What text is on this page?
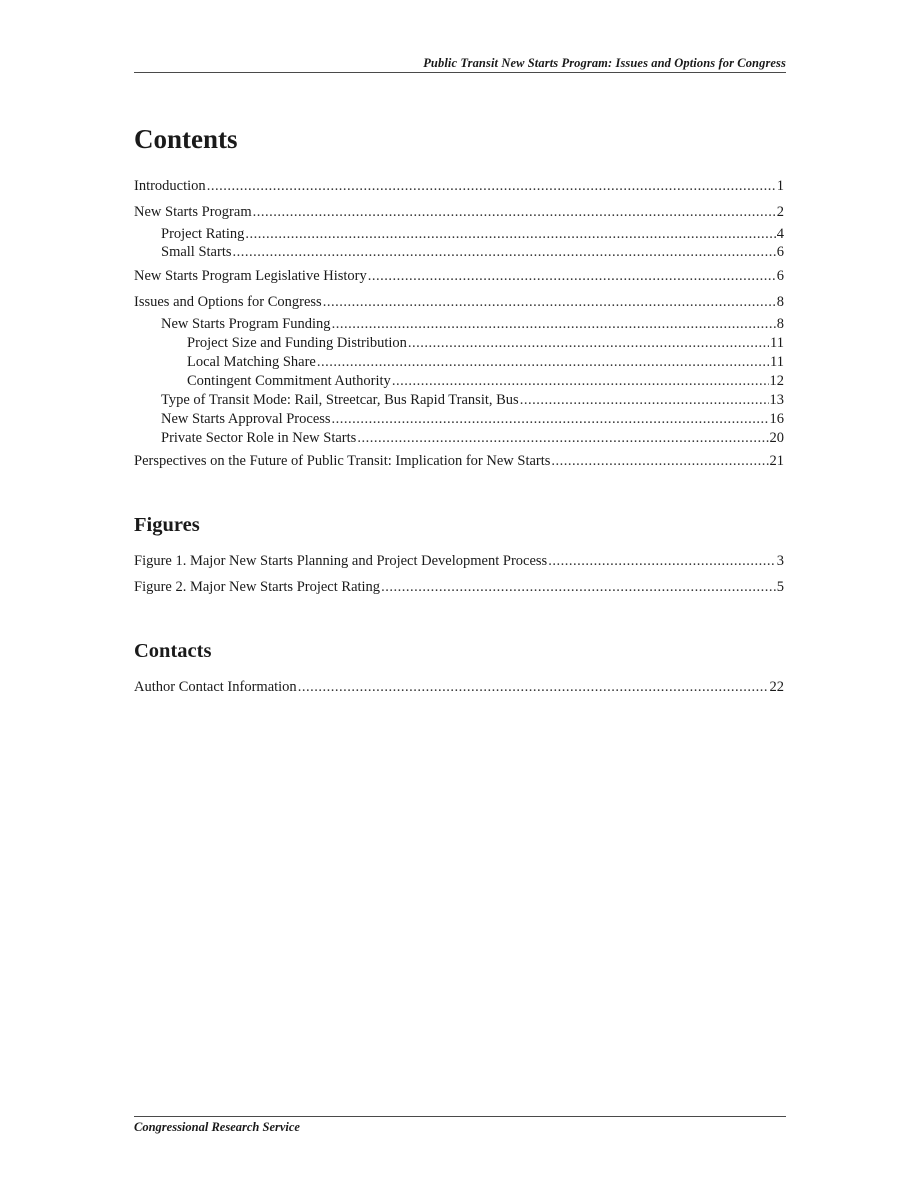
Public Transit New Starts Program: Issues and Options for Congress
Contents
Introduction .....	1
New Starts Program .....	2
Project Rating .....	4
Small Starts .....	6
New Starts Program Legislative History .....	6
Issues and Options for Congress .....	8
New Starts Program Funding .....	8
Project Size and Funding Distribution .....	11
Local Matching Share .....	11
Contingent Commitment Authority .....	12
Type of Transit Mode: Rail, Streetcar, Bus Rapid Transit, Bus .....	13
New Starts Approval Process .....	16
Private Sector Role in New Starts .....	20
Perspectives on the Future of Public Transit: Implication for New Starts .....	21
Figure 1. Major New Starts Planning and Project Development Process .....	3
Figure 2. Major New Starts Project Rating .....	5
Author Contact Information .....	22
Figures
Contacts
Congressional Research Service
